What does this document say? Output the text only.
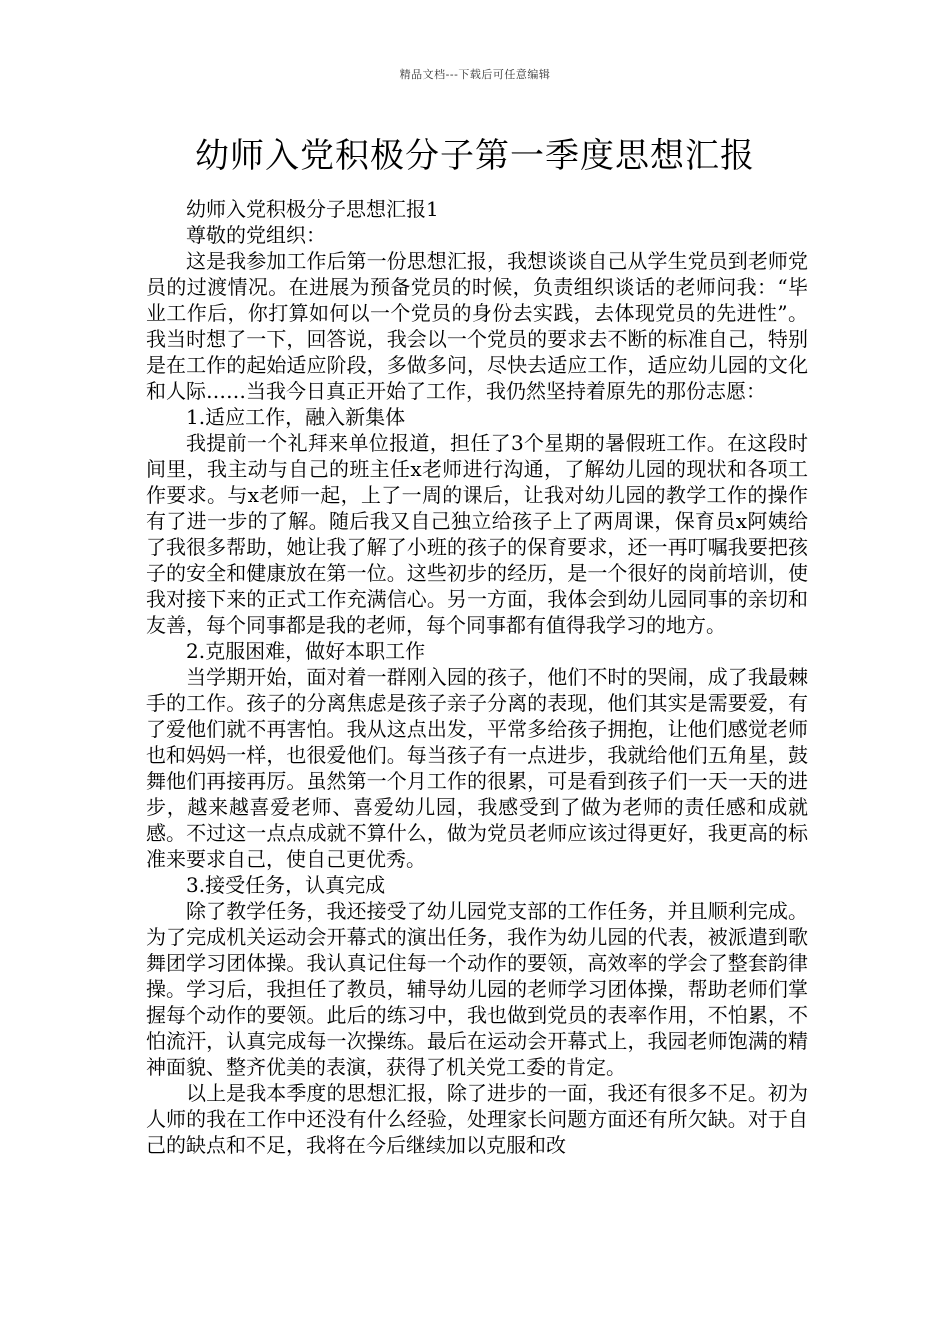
精品文档---下载后可任意编辑
幼师入党积极分子第一季度思想汇报

幼师入党积极分子思想汇报1

尊敬的党组织：

这是我参加工作后第一份思想汇报，我想谈谈自己从学生党员到老师党员的过渡情况。在进展为预备党员的时候，负责组织谈话的老师问我：“毕业工作后，你打算如何以一个党员的身份去实践，去体现党员的先进性”。我当时想了一下，回答说，我会以一个党员的要求去不断的标准自己，特别是在工作的起始适应阶段，多做多问，尽快去适应工作，适应幼儿园的文化和人际……当我今日真正开始了工作，我仍然坚持着原先的那份志愿：

1.适应工作，融入新集体

我提前一个礼拜来单位报道，担任了3个星期的暑假班工作。在这段时间里，我主动与自己的班主任x老师进行沟通，了解幼儿园的现状和各项工作要求。与x老师一起，上了一周的课后，让我对幼儿园的教学工作的操作有了进一步的了解。随后我又自己独立给孩子上了两周课，保育员x阿姨给了我很多帮助，她让我了解了小班的孩子的保育要求，还一再叮嘱我要把孩子的安全和健康放在第一位。这些初步的经历，是一个很好的岗前培训，使我对接下来的正式工作充满信心。另一方面，我体会到幼儿园同事的亲切和友善，每个同事都是我的老师，每个同事都有值得我学习的地方。

2.克服困难，做好本职工作

当学期开始，面对着一群刚入园的孩子，他们不时的哭闹，成了我最棘手的工作。孩子的分离焦虑是孩子亲子分离的表现，他们其实是需要爱，有了爱他们就不再害怕。我从这点出发，平常多给孩子拥抱，让他们感觉老师也和妈妈一样，也很爱他们。每当孩子有一点进步，我就给他们五角星，鼓舞他们再接再厉。虽然第一个月工作的很累，可是看到孩子们一天一天的进步，越来越喜爱老师、喜爱幼儿园，我感受到了做为老师的责任感和成就感。不过这一点点成就不算什么，做为党员老师应该过得更好，我更高的标准来要求自己，使自己更优秀。

3.接受任务，认真完成

除了教学任务，我还接受了幼儿园党支部的工作任务，并且顺利完成。为了完成机关运动会开幕式的演出任务，我作为幼儿园的代表，被派遣到歌舞团学习团体操。我认真记住每一个动作的要领，高效率的学会了整套韵律操。学习后，我担任了教员，辅导幼儿园的老师学习团体操，帮助老师们掌握每个动作的要领。此后的练习中，我也做到党员的表率作用，不怕累，不怕流汗，认真完成每一次操练。最后在运动会开幕式上，我园老师饱满的精神面貌、整齐优美的表演，获得了机关党工委的肯定。

以上是我本季度的思想汇报，除了进步的一面，我还有很多不足。初为人师的我在工作中还没有什么经验，处理家长问题方面还有所欠缺。对于自己的缺点和不足，我将在今后继续加以克服和改
